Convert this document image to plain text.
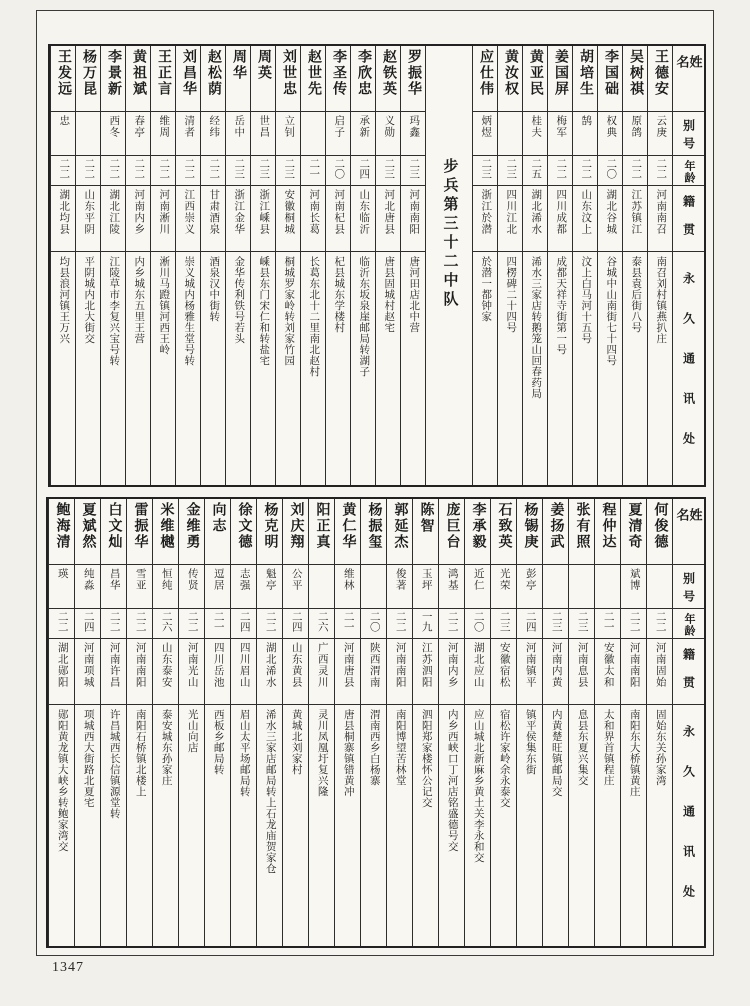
姓名
别号
年龄
籍贯
永久通讯处
王德安
云庚
二二
河南南召
南召刘村镇燕扒庄
吴树祺
原鸽
二二
江苏镇江
泰县袁后街八号
李国础
权典
二〇
湖北谷城
谷城中山南街七十四号
胡培生
鹄
二二
山东汶上
汶上白马河十五号
姜国屏
梅军
二二
四川成都
成都天祥寺街第一号
黄亚民
桂夫
二五
湖北浠水
浠水三家店转鹅笼山回春药局
黄汝权
二三
四川江北
四楞碑二十四号
应仕伟
炳煜
二三
浙江於潜
於潜一都钟家
步兵第三十二中队
罗振华
玛鑫
二三
河南南阳
唐河田店北中营
赵铁英
义勋
二三
河北唐县
唐县固城村赵宅
李欣忠
承新
二四
山东临沂
临沂东坂泉崖邮局转湖子
李圣传
启子
二〇
河南杞县
杞县城东学楼村
赵世先
二一
河南长葛
长葛东北十二里南北赵村
刘世忠
立钊
二三
安徽桐城
桐城罗家岭转刘家竹园
周英
世昌
二三
浙江嵊县
嵊县东门宋仁和转盐宅
周华
岳中
二三
浙江金华
金华传利铁号若头
赵松荫
经纬
二二
甘肃酒泉
酒泉汉中街转
刘昌华
清者
二二
江西崇义
崇义城内杨雅生堂号转
王正言
维周
二二
河南淅川
淅川马蹬镇河西王岭
黄祖斌
春亭
二二
河南内乡
内乡城东五里王营
李景新
西冬
二二
湖北江陵
江陵草市李复兴宝号转
杨万昆
二二
山东平阴
平阴城内北大街交
王发远
忠
二二
湖北均县
均县浪河镇王万兴
姓名
别号
年龄
籍贯
永久通讯处
何俊德
二二
河南固始
固始东关孙家湾
夏清奇
斌博
二二
河南南阳
南阳东大桥镇黄庄
程仲达
二一
安徽太和
太和界首镇程庄
张有照
二三
河南息县
息县东夏兴集交
姜扬武
二三
河南内黄
内黄楚旺镇邮局交
杨锡庚
彭亭
二四
河南镇平
镇平侯集东街
石致英
光荣
二三
安徽宿松
宿松许家岭余永泰交
李承毅
近仁
二〇
湖北应山
应山城北新麻乡黄土关李永和交
庞巨台
鸿基
二二
河南内乡
内乡西峡口丁河店铭盛德号交
陈智
玉坪
一九
江苏泗阳
泗阳郑家楼怀公记交
郭延杰
俊著
二二
河南南阳
南阳博望苦林堂
杨振玺
二〇
陕西渭南
渭南西乡白杨寨
黄仁华
维林
二一
河南唐县
唐县桐寨镇错黄冲
阳正真
二六
广西灵川
灵川凤凰圩复兴隆
刘庆翔
公平
二四
山东黄县
黄城北刘家村
杨克明
魁亭
二二
湖北浠水
浠水三家店邮局转上石龙庙贺家仓
徐文德
志强
二四
四川眉山
眉山太平场邮局转
向志
逗居
二一
四川岳池
西板乡邮局转
金维勇
传贤
二二
河南光山
光山向店
米维樾
恒纯
二六
山东泰安
泰安城东孙家庄
雷振华
雪亚
二二
河南南阳
南阳石桥镇北楼上
白文灿
昌华
二二
河南许昌
许昌城西长信镇源堂转
夏斌然
纯淼
二四
河南项城
项城西大街路北夏宅
鲍海清
瑛
二二
湖北郧阳
郧阳黄龙镇大峡乡转鲍家湾交
1347
